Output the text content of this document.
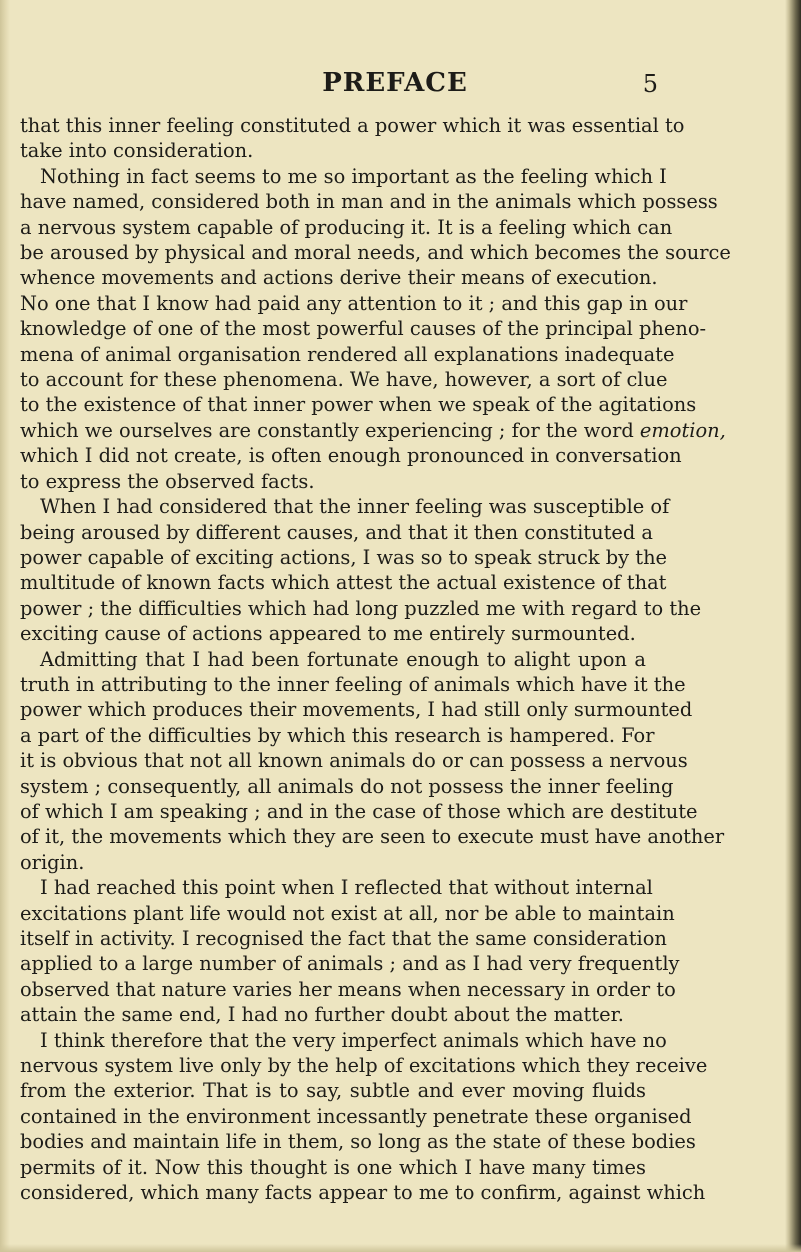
PREFACE	5

that this inner feeling constituted a power which it was essential to
take into consideration.

Nothing in fact seems to me so important as the feeling which I
have named, considered both in man and in the animals which possess
a nervous system capable of producing it. It is a feeling which can
be aroused by physical and moral needs, and which becomes the source
whence movements and actions derive their means of execution.
No one that I know had paid any attention to it ; and this gap in our
knowledge of one of the most powerful causes of the principal pheno-
mena of animal organisation rendered all explanations inadequate
to account for these phenomena. We have, however, a sort of clue
to the existence of that inner power when we speak of the agitations
which we ourselves are constantly experiencing ; for the word emotion,
which I did not create, is often enough pronounced in conversation
to express the observed facts.

When I had considered that the inner feeling was susceptible of
being aroused by different causes, and that it then constituted a
power capable of exciting actions, I was so to speak struck by the
multitude of known facts which attest the actual existence of that
power ; the difficulties which had long puzzled me with regard to the
exciting cause of actions appeared to me entirely surmounted.

Admitting that I had been fortunate enough to alight upon a
truth in attributing to the inner feeling of animals which have it the
power which produces their movements, I had still only surmounted
a part of the difficulties by which this research is hampered. For
it is obvious that not all known animals do or can possess a nervous
system ; consequently, all animals do not possess the inner feeling
of which I am speaking ; and in the case of those which are destitute
of it, the movements which they are seen to execute must have another
origin.

I had reached this point when I reflected that without internal
excitations plant life would not exist at all, nor be able to maintain
itself in activity. I recognised the fact that the same consideration
applied to a large number of animals ; and as I had very frequently
observed that nature varies her means when necessary in order to
attain the same end, I had no further doubt about the matter.

I think therefore that the very imperfect animals which have no
nervous system live only by the help of excitations which they receive
from the exterior. That is to say, subtle and ever moving fluids
contained in the environment incessantly penetrate these organised
bodies and maintain life in them, so long as the state of these bodies
permits of it. Now this thought is one which I have many times
considered, which many facts appear to me to confirm, against which
